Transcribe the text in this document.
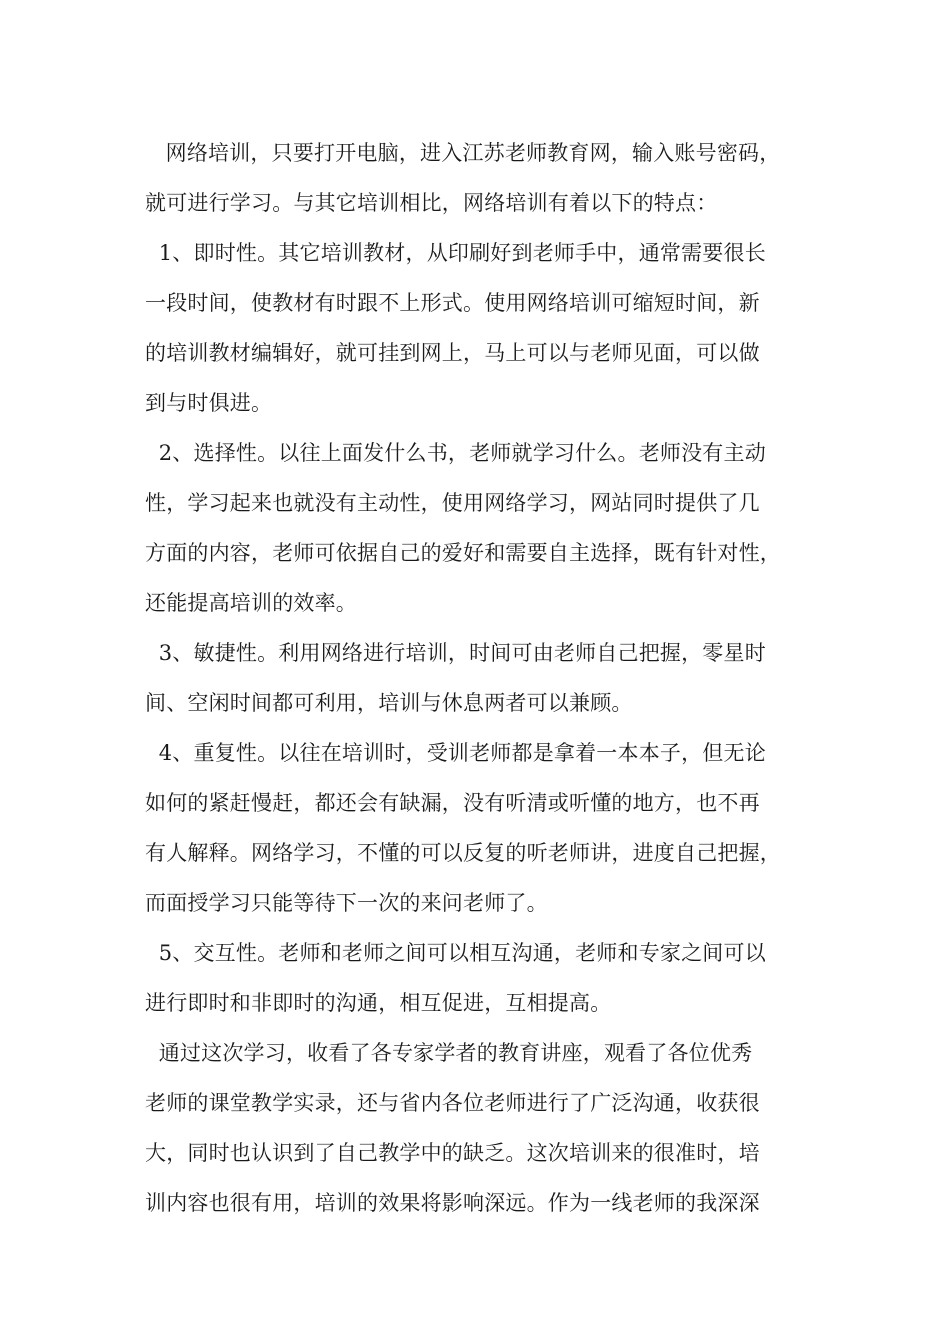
网络培训，只要打开电脑，进入江苏老师教育网，输入账号密码，
就可进行学习。与其它培训相比，网络培训有着以下的特点：
1、即时性。其它培训教材，从印刷好到老师手中，通常需要很长
一段时间，使教材有时跟不上形式。使用网络培训可缩短时间，新
的培训教材编辑好，就可挂到网上，马上可以与老师见面，可以做
到与时俱进。
2、选择性。以往上面发什么书，老师就学习什么。老师没有主动
性，学习起来也就没有主动性，使用网络学习，网站同时提供了几
方面的内容，老师可依据自己的爱好和需要自主选择，既有针对性，
还能提高培训的效率。
3、敏捷性。利用网络进行培训，时间可由老师自己把握，零星时
间、空闲时间都可利用，培训与休息两者可以兼顾。
4、重复性。以往在培训时，受训老师都是拿着一本本子，但无论
如何的紧赶慢赶，都还会有缺漏，没有听清或听懂的地方，也不再
有人解释。网络学习，不懂的可以反复的听老师讲，进度自己把握，
而面授学习只能等待下一次的来问老师了。
5、交互性。老师和老师之间可以相互沟通，老师和专家之间可以
进行即时和非即时的沟通，相互促进，互相提高。
通过这次学习，收看了各专家学者的教育讲座，观看了各位优秀
老师的课堂教学实录，还与省内各位老师进行了广泛沟通，收获很
大，同时也认识到了自己教学中的缺乏。这次培训来的很准时，培
训内容也很有用，培训的效果将影响深远。作为一线老师的我深深
